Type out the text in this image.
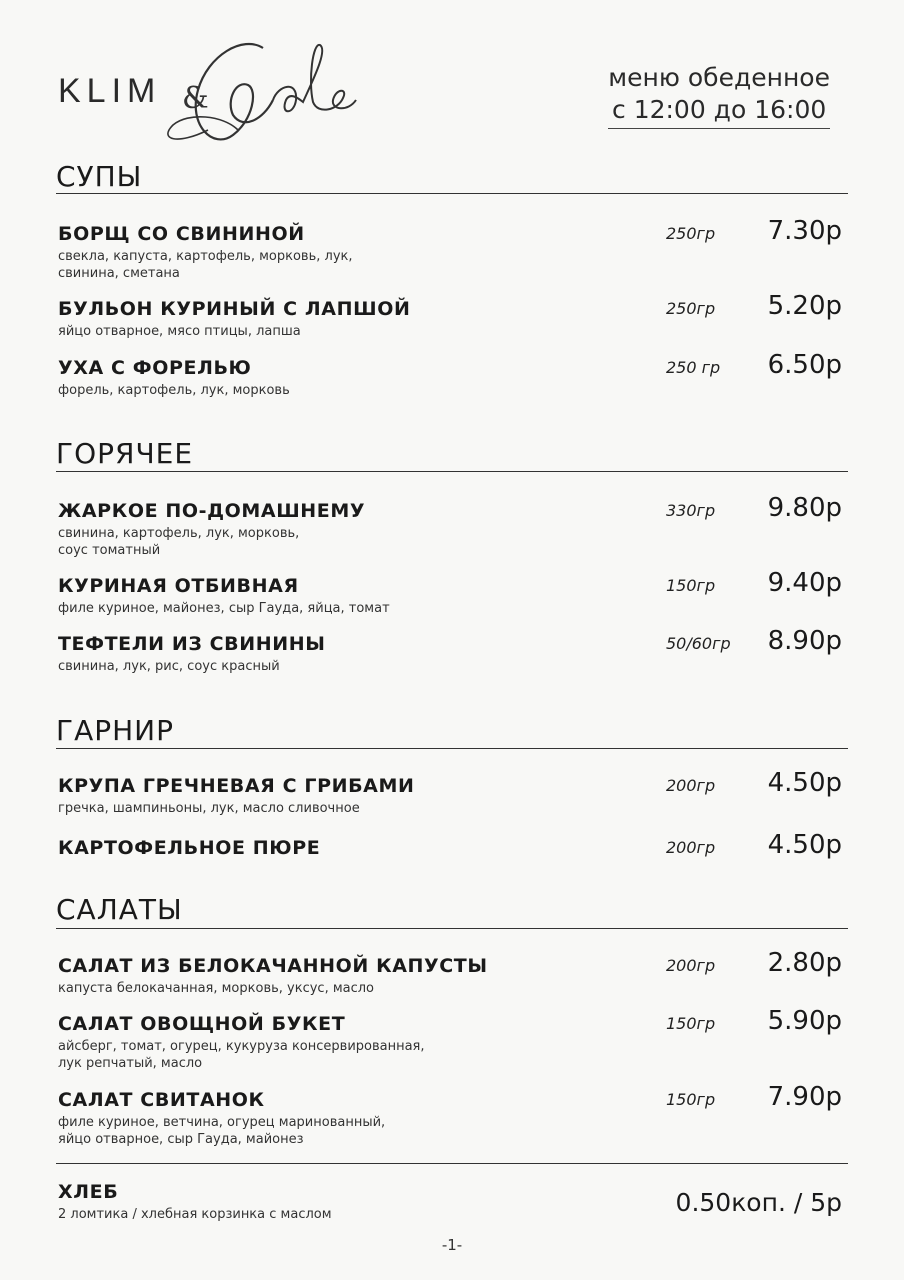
KLIM &
меню обеденное
с 12:00 до 16:00
СУПЫ
БОРЩ СО СВИНИНОЙ
свекла, капуста, картофель, морковь, лук,
свинина, сметана
250гр 7.30р
БУЛЬОН КУРИНЫЙ С ЛАПШОЙ
яйцо отварное, мясо птицы, лапша
250гр 5.20р
УХА С ФОРЕЛЬЮ
форель, картофель, лук, морковь
250 гр 6.50р
ГОРЯЧЕЕ
ЖАРКОЕ ПО-ДОМАШНЕМУ
свинина, картофель, лук, морковь,
соус томатный
330гр 9.80р
КУРИНАЯ ОТБИВНАЯ
филе куриное, майонез, сыр Гауда, яйца, томат
150гр 9.40р
ТЕФТЕЛИ ИЗ СВИНИНЫ
свинина, лук, рис, соус красный
50/60гр 8.90р
ГАРНИР
КРУПА ГРЕЧНЕВАЯ С ГРИБАМИ
гречка, шампиньоны, лук, масло сливочное
200гр 4.50р
КАРТОФЕЛЬНОЕ ПЮРЕ	200гр 4.50р
САЛАТЫ
САЛАТ ИЗ БЕЛОКАЧАННОЙ КАПУСТЫ
капуста белокачанная, морковь, уксус, масло
200гр 2.80р
САЛАТ ОВОЩНОЙ БУКЕТ
айсберг, томат, огурец, кукуруза консервированная,
лук репчатый, масло
150гр 5.90р
САЛАТ СВИТАНОК
филе куриное, ветчина, огурец маринованный,
яйцо отварное, сыр Гауда, майонез
150гр 7.90р
ХЛЕБ
2 ломтика / хлебная корзинка с маслом	0.50коп. / 5р
-1-
